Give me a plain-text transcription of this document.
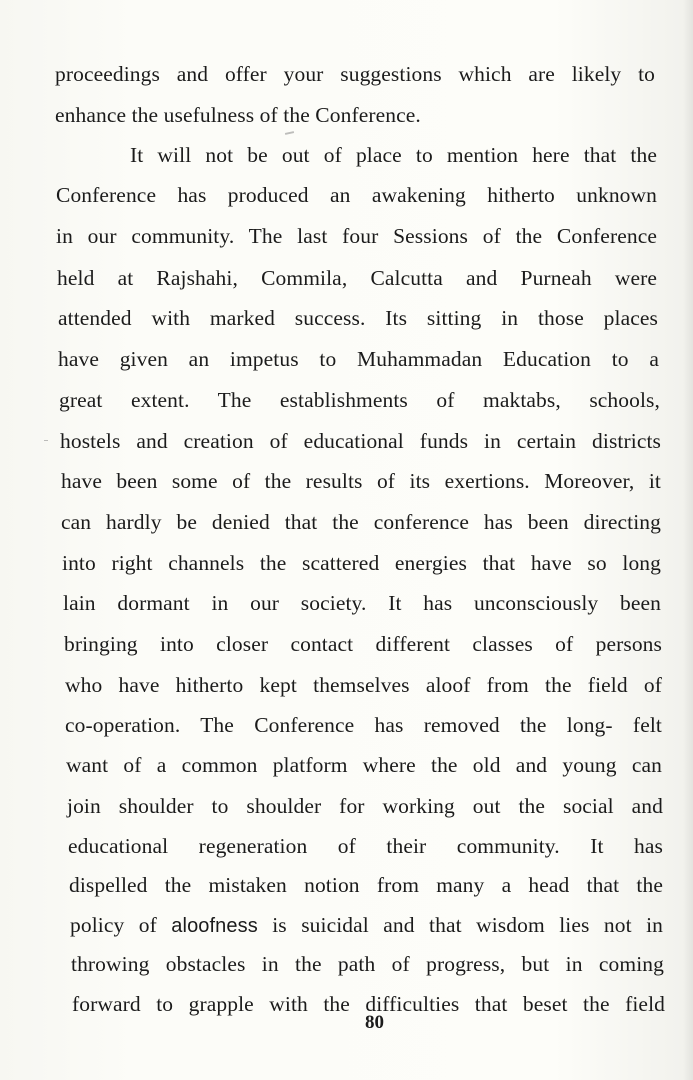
proceedings and offer your suggestions which are likely to

enhance the usefulness of the Conference.

It will not be out of place to mention here that the

Conference has produced an awakening hitherto unknown

in our community. The last four Sessions of the Conference

held at Rajshahi, Commila, Calcutta and Purneah were

attended with marked success. Its sitting in those places

have given an impetus to Muhammadan Education to a

great extent. The establishments of maktabs, schools,

hostels and creation of educational funds in certain districts

have been some of the results of its exertions. Moreover, it

can hardly be denied that the conference has been directing

into right channels the scattered energies that have so long

lain dormant in our society. It has unconsciously been

bringing into closer contact different classes of persons

who have hitherto kept themselves aloof from the field of

co-operation. The Conference has removed the long- felt

want of a common platform where the old and young can

join shoulder to shoulder for working out the social and

educational regeneration of their community. It has

dispelled the mistaken notion from many a head that the

policy of aloofness is suicidal and that wisdom lies not in

throwing obstacles in the path of progress, but in coming

forward to grapple with the difficulties that beset the field

80
